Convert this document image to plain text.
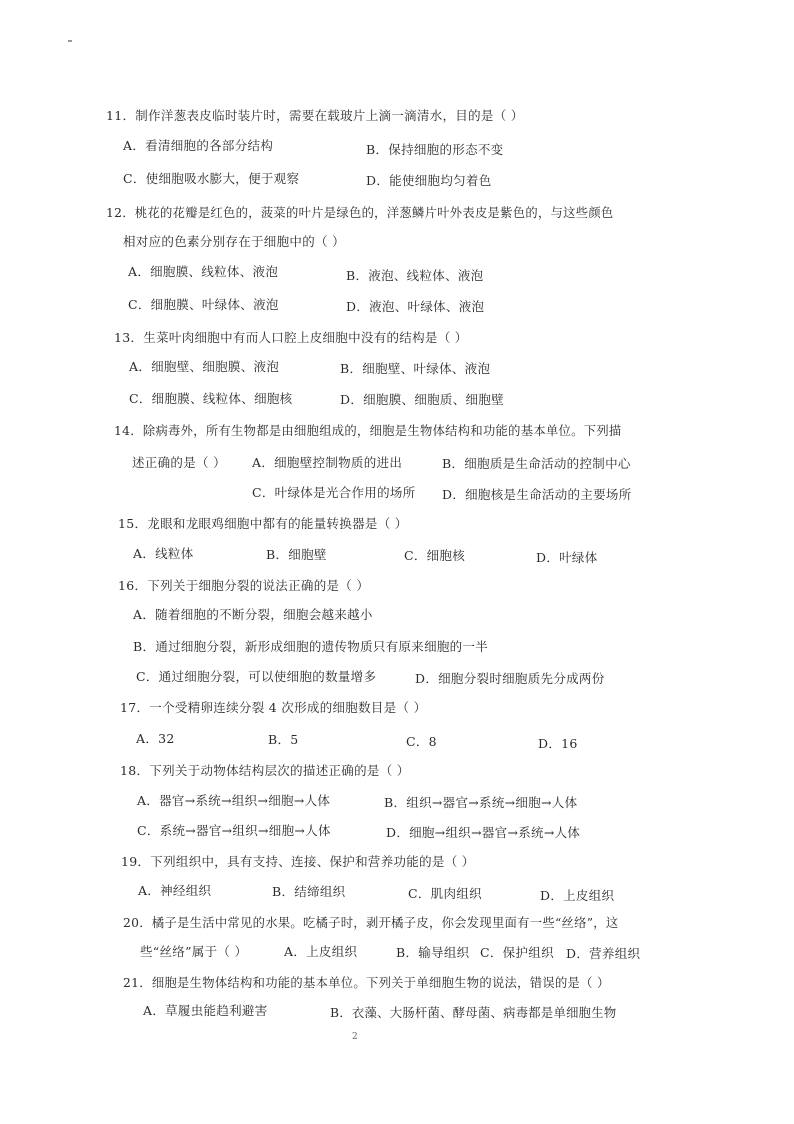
11．制作洋葱表皮临时装片时，需要在载玻片上滴一滴清水，目的是（ ）
A．看清细胞的各部分结构	B．保持细胞的形态不变
C．使细胞吸水膨大，便于观察	D．能使细胞均匀着色
12．桃花的花瓣是红色的，菠菜的叶片是绿色的，洋葱鳞片叶外表皮是紫色的，与这些颜色
相对应的色素分别存在于细胞中的（ ）
A．细胞膜、线粒体、液泡	B．液泡、线粒体、液泡
C．细胞膜、叶绿体、液泡	D．液泡、叶绿体、液泡
13．生菜叶肉细胞中有而人口腔上皮细胞中没有的结构是（ ）
A．细胞壁、细胞膜、液泡	B．细胞壁、叶绿体、液泡
C．细胞膜、线粒体、细胞核	D．细胞膜、细胞质、细胞壁
14．除病毒外，所有生物都是由细胞组成的，细胞是生物体结构和功能的基本单位。下列描
述正确的是（ ） A．细胞壁控制物质的进出	B．细胞质是生命活动的控制中心
C．叶绿体是光合作用的场所 D．细胞核是生命活动的主要场所
15．龙眼和龙眼鸡细胞中都有的能量转换器是（ ）
A．线粒体	B．细胞壁	C．细胞核	D．叶绿体
16．下列关于细胞分裂的说法正确的是（ ）
A．随着细胞的不断分裂，细胞会越来越小
B．通过细胞分裂，新形成细胞的遗传物质只有原来细胞的一半
C．通过细胞分裂，可以使细胞的数量增多	D．细胞分裂时细胞质先分成两份
17．一个受精卵连续分裂 4 次形成的细胞数目是（ ）
A．32	B．5	C．8	D．16
18．下列关于动物体结构层次的描述正确的是（ ）
A．器官→系统→组织→细胞→人体	B．组织→器官→系统→细胞→人体
C．系统→器官→组织→细胞→人体	D．细胞→组织→器官→系统→人体
19．下列组织中，具有支持、连接、保护和营养功能的是（ ）
A．神经组织	B．结缔组织	C．肌肉组织	D．上皮组织
20．橘子是生活中常见的水果。吃橘子时，剥开橘子皮，你会发现里面有一些“丝络”，这
些“丝络”属于（ ）	A．上皮组织	B．输导组织 C．保护组织 D．营养组织
21．细胞是生物体结构和功能的基本单位。下列关于单细胞生物的说法，错误的是（ ）
A．草履虫能趋利避害	B．衣藻、大肠杆菌、酵母菌、病毒都是单细胞生物
2
